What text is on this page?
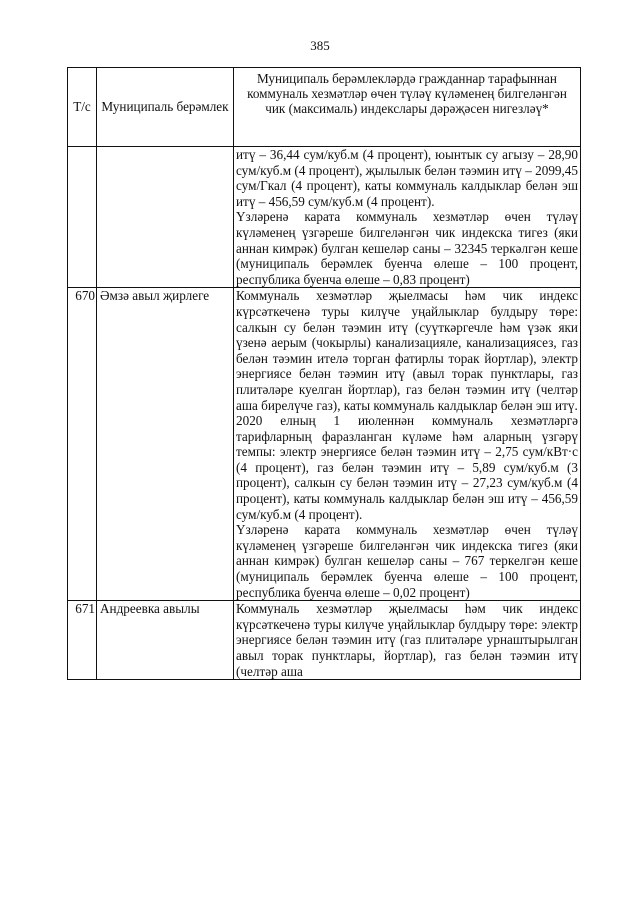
385
Т/с	Муниципаль берәмлек	Муниципаль берәмлекләрдә гражданнар тарафыннан коммуналь хезмәтләр өчен түләү күләменең билгеләнгән чик (максималь) индекслары дәрәҗәсен нигезләү*

		итү – 36,44 сум/куб.м (4 процент), юынтык су агызу – 28,90 сум/куб.м (4 процент), җылылык белән тәэмин итү – 2099,45 сум/Гкал (4 процент), каты коммуналь калдыклар белән эш итү – 456,59 сум/куб.м (4 процент).

Үзләренә карата коммуналь хезмәтләр өчен түләү күләменең үзгәреше билгеләнгән чик индекска тигез (яки аннан кимрәк) булган кешеләр саны – 32345 теркәлгән кеше (муниципаль берәмлек буенча өлеше – 100 процент, республика буенча өлеше – 0,83 процент)

670	Әмзә авыл җирлеге	Коммуналь хезмәтләр җыелмасы һәм чик индекс күрсәткеченә туры килүче уңайлыклар булдыру төре: салкын су белән тәэмин итү (суүткәргечле һәм үзәк яки үзенә аерым (чокырлы) канализацияле, канализациясез, газ белән тәэмин ителә торган фатирлы торак йортлар), электр энергиясе белән тәэмин итү (авыл торак пунктлары, газ плитәләре куелган йортлар), газ белән тәэмин итү (челтәр аша бирелүче газ), каты коммуналь калдыклар белән эш итү.

2020 елның 1 июленнән коммуналь хезмәтләргә тарифларның фаразланган күләме һәм аларның үзгәрү темпы: электр энергиясе белән тәэмин итү – 2,75 сум/кВт·с (4 процент), газ белән тәэмин итү – 5,89 сум/куб.м (3 процент), салкын су белән тәэмин итү – 27,23 сум/куб.м (4 процент), каты коммуналь калдыклар белән эш итү – 456,59 сум/куб.м (4 процент).

Үзләренә карата коммуналь хезмәтләр өчен түләү күләменең үзгәреше билгеләнгән чик индекска тигез (яки аннан кимрәк) булган кешеләр саны – 767 теркелгән кеше (муниципаль берәмлек буенча өлеше – 100 процент, республика буенча өлеше – 0,02 процент)

671	Андреевка авылы	Коммуналь хезмәтләр җыелмасы һәм чик индекс күрсәткеченә туры килүче уңайлыклар булдыру төре: электр энергиясе белән тәэмин итү (газ плитәләре урнаштырылган авыл торак пунктлары, йортлар), газ белән тәэмин итү (челтәр аша
